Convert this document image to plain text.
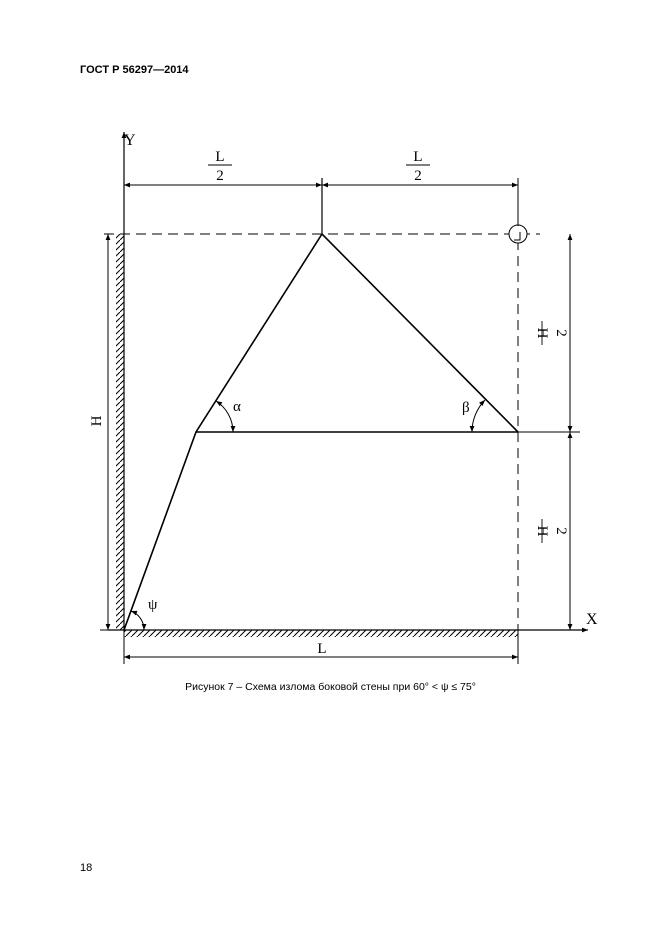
ГОСТ Р 56297—2014
Y
X
L
2
L
2
L
H
H 2
H 2
α	β
ψ
Рисунок 7 – Схема излома боковой стены при 60° < ψ ≤ 75°
18
